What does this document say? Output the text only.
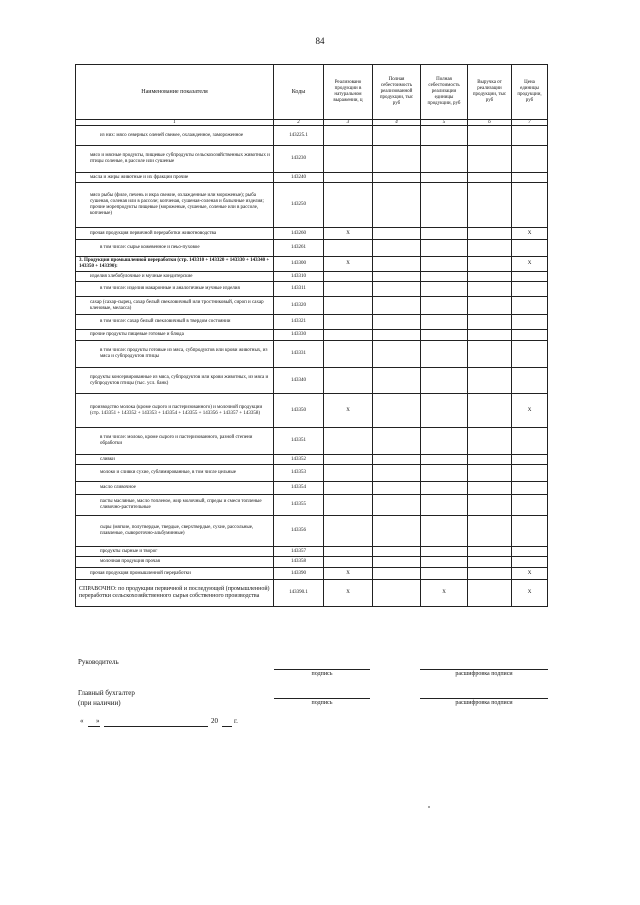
84
Наименование показателя	Коды	Реализовано продукции в натуральном выражении, ц	Полная себестоимость реализованной продукции, тыс руб	Полная себестоимость реализации единицы продукции, руб	Выручка от реализации продукции, тыс руб	Цена единицы продукции, руб
1	2	3	4	5	6	7
из них: мясо северных оленей свежее, охлажденное, замороженное	143225.1					
мясо и мясные продукты, пищевые субпродукты сельскохозяйственных животных и птицы соленые, в рассоле или сушеные	143230					
масла и жиры животные и их фракции прочие	143240					
мясо рыбы (филе, печень и икра свежие, охлажденные или мороженые); рыба сушеная, соленая или в рассоле; копченая, сушеная-соленая и балычные изделия; прочие морепродукты пищевые (мороженые, сушеные, соленые или в рассоле, копченые)	143250					
прочая продукция первичной переработки животноводства	143260	X				X
в том числе: сырье кожевенное и пеьо-пуховое	143261					
3. Продукция промышленной переработки (стр. 143310 + 143320 + 143330 + 143340 + 143350 + 143390):	143300	X				X
изделия хлебобулочные и мучные кондитерские	143310					
в том числе: изделия макаронные и аналогичные мучные изделия	143311					
сахар (сахар-сырец, сахар белый свекловичный или тростниковый, сироп и сахар кленовые, меласса)	143320					
в том числе: сахар белый свекловичный в твердом состоянии	143321					
прочие продукты пищевые готовые и блюда	143330					
в том числе: продукты готовые из мяса, субпродуктов или крови животных, из мяса и субпродуктов птицы	143331					
продукты консервированные из мяса, субпродуктов или крови животных, из мяса и субпродуктов птицы (тыс. усл. банк)	143340					
производство молока (кроме сырого и пастеризованного) и молочной продукции (стр. 143351 + 143352 + 143353 + 143354 + 143355 + 143356 + 143357 + 143358)	143350	X				X
в том числе: молоко, кроме сырого и пастеризованного, разной степени обработки	143351					
сливки	143352					
молоко и сливки сухие, сублимированные, в том числе цельные	143353					
масло сливочное	143354					
пасты масляные, масло топленое, жир молочный, спреды и смеси топленые сливочно-растительные	143355					
сыры (мягкие, полутвердые, твердые, сверхтвердые, сухие, рассольные, плавленые, сывороточно-альбуминные)	143356					
продукты сырные и творог	143357					
молочная продукция прочая	143358					
прочая продукция промышленной переработки	143390	X				X
СПРАВОЧНО: по продукции первичной и последующей (промышленной) переработки сельскохозяйственного сырья собственного производства	143390.1	X		X		X
Руководитель
подпись	расшифровка подписи
Главный бухгалтер
(при наличии)	подпись	расшифровка подписи
« »	20 г.
